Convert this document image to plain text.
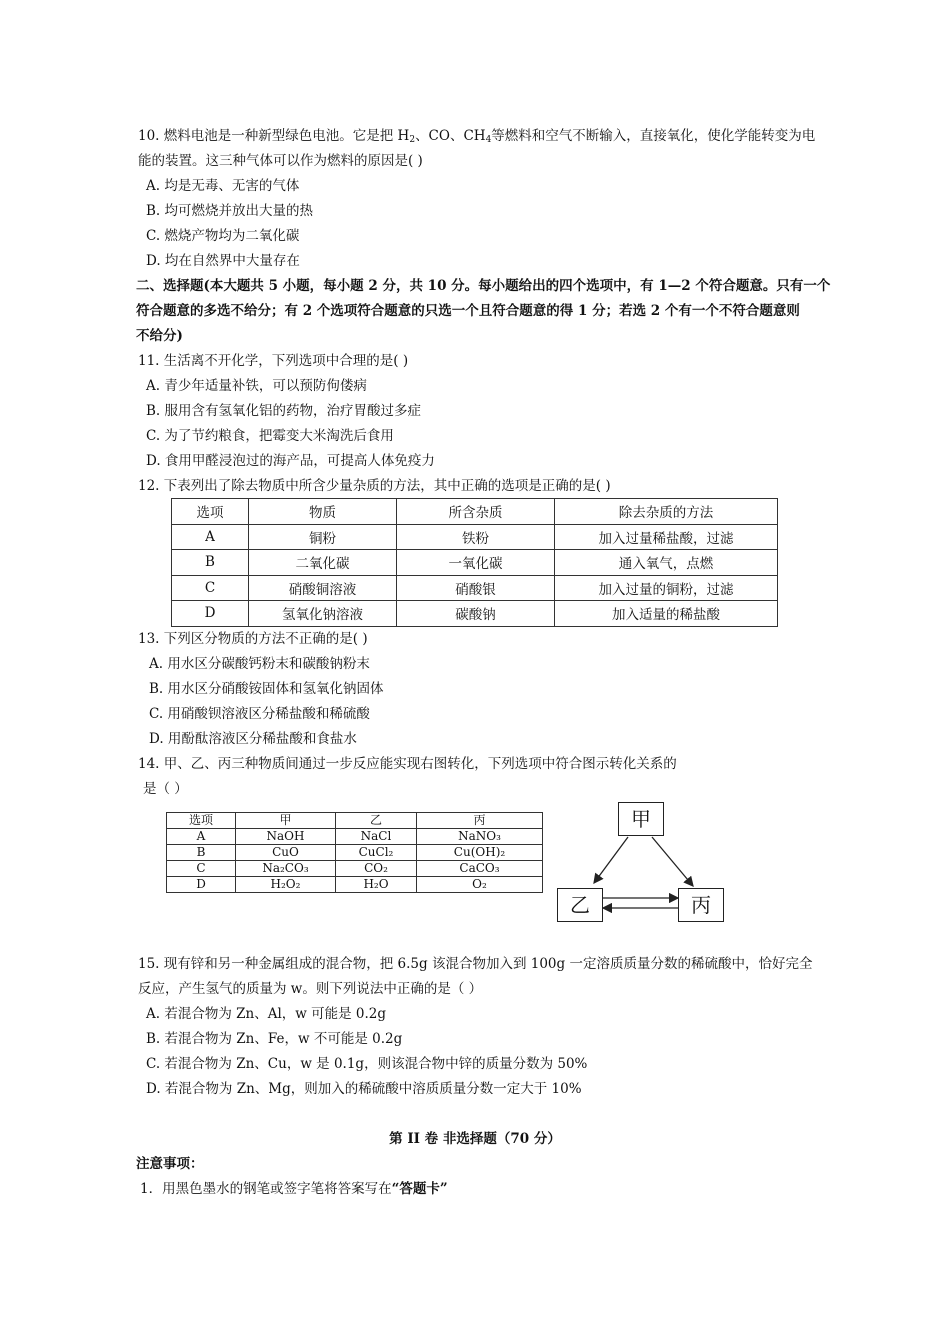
10. 燃料电池是一种新型绿色电池。它是把 $H_2$、CO、$CH_4$等燃料和空气不断输入，直接氧化，使化学能转变为电
能的装置。这三种气体可以作为燃料的原因是( )
A. 均是无毒、无害的气体
B. 均可燃烧并放出大量的热
C. 燃烧产物均为二氧化碳
D. 均在自然界中大量存在
二、选择题(本大题共 5 小题，每小题 2 分，共 10 分。每小题给出的四个选项中，有 1—2 个符合题意。只有一个
符合题意的多选不给分；有 2 个选项符合题意的只选一个且符合题意的得 1 分；若选 2 个有一个不符合题意则
不给分)
11. 生活离不开化学，下列选项中合理的是( )
A. 青少年适量补铁，可以预防佝偻病
B. 服用含有氢氧化铝的药物，治疗胃酸过多症
C. 为了节约粮食，把霉变大米淘洗后食用
D. 食用甲醛浸泡过的海产品，可提高人体免疫力
12. 下表列出了除去物质中所含少量杂质的方法，其中正确的选项是正确的是( )
选项	物质	所含杂质	除去杂质的方法
A	铜粉	铁粉	加入过量稀盐酸，过滤
B	二氧化碳	一氧化碳	通入氧气，点燃
C	硝酸铜溶液	硝酸银	加入过量的铜粉，过滤
D	氢氧化钠溶液	碳酸钠	加入适量的稀盐酸
13. 下列区分物质的方法不正确的是( )
A. 用水区分碳酸钙粉末和碳酸钠粉末
B. 用水区分硝酸铵固体和氢氧化钠固体
C. 用硝酸钡溶液区分稀盐酸和稀硫酸
D. 用酚酞溶液区分稀盐酸和食盐水
14. 甲、乙、丙三种物质间通过一步反应能实现右图转化，下列选项中符合图示转化关系的
是（ ）
选项	甲	乙	丙
A	NaOH	NaCl	NaNO₃
B	CuO	CuCl₂	Cu(OH)₂
C	Na₂CO₃	CO₂	CaCO₃
D	H₂O₂	H₂O	O₂
甲
乙	丙
15. 现有锌和另一种金属组成的混合物，把 6.5g 该混合物加入到 100g 一定溶质质量分数的稀硫酸中，恰好完全
反应，产生氢气的质量为 w。则下列说法中正确的是（ ）
A. 若混合物为 Zn、Al，w 可能是 0.2g
B. 若混合物为 Zn、Fe，w 不可能是 0.2g
C. 若混合物为 Zn、Cu，w 是 0.1g，则该混合物中锌的质量分数为 50%
D. 若混合物为 Zn、Mg，则加入的稀硫酸中溶质质量分数一定大于 10%
第 II 卷 非选择题（70 分）
注意事项：
1．用黑色墨水的钢笔或签字笔将答案写在“答题卡”
